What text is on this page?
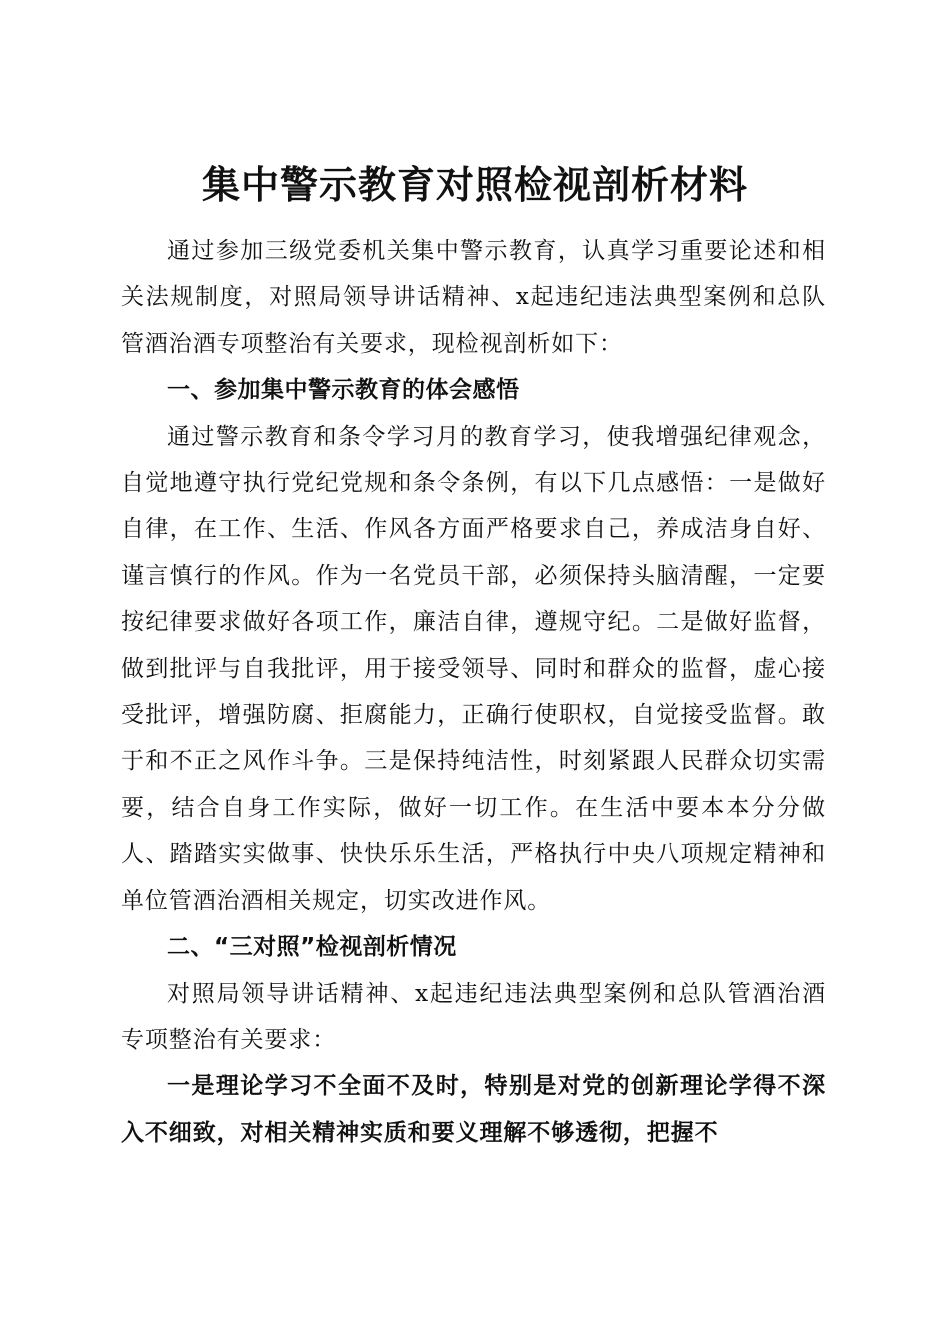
集中警示教育对照检视剖析材料

通过参加三级党委机关集中警示教育，认真学习重要论述和相关法规制度，对照局领导讲话精神、x起违纪违法典型案例和总队管酒治酒专项整治有关要求，现检视剖析如下：

一、参加集中警示教育的体会感悟

通过警示教育和条令学习月的教育学习，使我增强纪律观念，自觉地遵守执行党纪党规和条令条例，有以下几点感悟：一是做好自律，在工作、生活、作风各方面严格要求自己，养成洁身自好、谨言慎行的作风。作为一名党员干部，必须保持头脑清醒，一定要按纪律要求做好各项工作，廉洁自律，遵规守纪。二是做好监督，做到批评与自我批评，用于接受领导、同时和群众的监督，虚心接受批评，增强防腐、拒腐能力，正确行使职权，自觉接受监督。敢于和不正之风作斗争。三是保持纯洁性，时刻紧跟人民群众切实需要，结合自身工作实际，做好一切工作。在生活中要本本分分做人、踏踏实实做事、快快乐乐生活，严格执行中央八项规定精神和单位管酒治酒相关规定，切实改进作风。

二、“三对照”检视剖析情况

对照局领导讲话精神、x起违纪违法典型案例和总队管酒治酒专项整治有关要求：

一是理论学习不全面不及时，特别是对党的创新理论学得不深入不细致，对相关精神实质和要义理解不够透彻，把握不
